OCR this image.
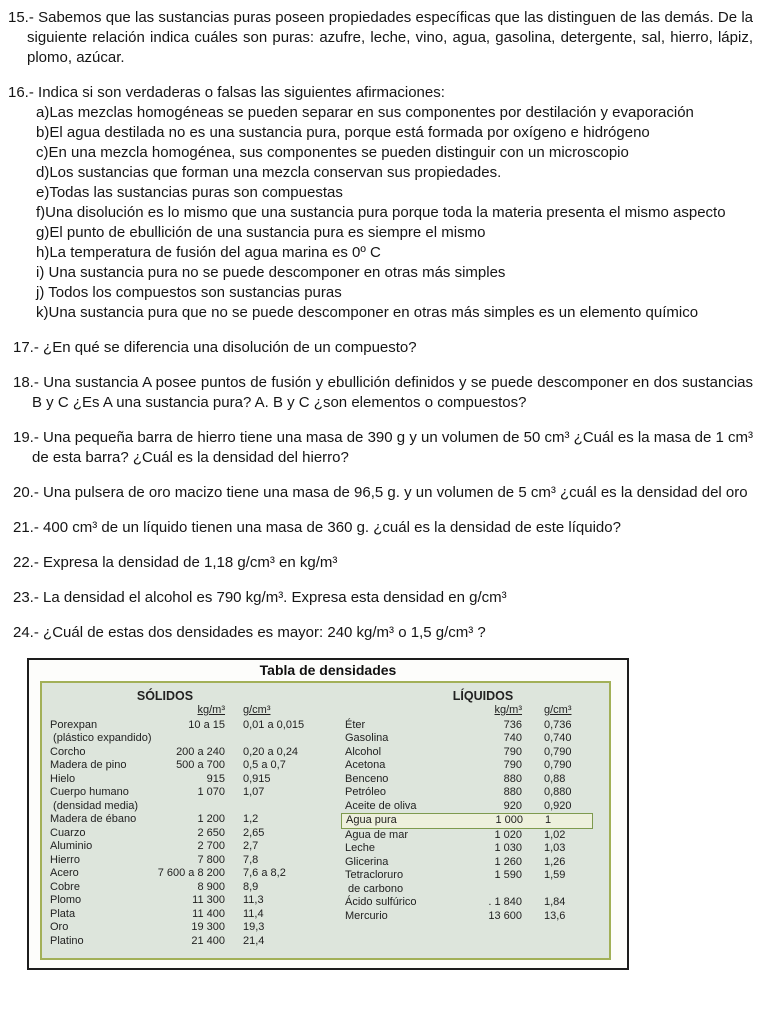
15.- Sabemos que las sustancias puras poseen propiedades específicas que las distinguen de las demás. De la siguiente relación indica cuáles son puras: azufre, leche, vino, agua, gasolina, detergente, sal, hierro, lápiz, plomo, azúcar.
16.- Indica si son verdaderas o falsas las siguientes afirmaciones:
a)Las mezclas homogéneas se pueden separar en sus componentes por destilación y evaporación
b)El agua destilada no es una sustancia pura, porque está formada por oxígeno e hidrógeno
c)En una mezcla homogénea, sus componentes se pueden distinguir con un microscopio
d)Los sustancias que forman una mezcla conservan sus propiedades.
e)Todas las sustancias puras son compuestas
f)Una disolución es lo mismo que una sustancia pura porque toda la materia presenta el mismo aspecto
g)El punto de ebullición de una sustancia pura es siempre el mismo
h)La temperatura de fusión del agua marina es 0º C
i) Una sustancia pura no se puede descomponer en otras más simples
j) Todos los compuestos son sustancias puras
k)Una sustancia pura que no se puede descomponer en otras más simples es un elemento químico
17.- ¿En qué se diferencia una disolución de un compuesto?
18.- Una sustancia A posee puntos de fusión y ebullición definidos y se puede descomponer en dos sustancias B y C ¿Es A una sustancia pura? A. B y C ¿son elementos o compuestos?
19.- Una pequeña barra de hierro tiene una masa de 390 g y un volumen de 50 cm³ ¿Cuál es la masa de 1 cm³ de esta barra? ¿Cuál es la densidad del hierro?
20.- Una pulsera de oro macizo tiene una masa de 96,5 g. y un volumen de 5 cm³ ¿cuál es la densidad del oro
21.- 400 cm³ de un líquido tienen una masa de 360 g. ¿cuál es la densidad de este líquido?
22.- Expresa la densidad de 1,18 g/cm³ en kg/m³
23.- La densidad el alcohol es 790 kg/m³. Expresa esta densidad en g/cm³
24.- ¿Cuál de estas dos densidades es mayor: 240 kg/m³ o 1,5 g/cm³ ?
Tabla de densidades
SÓLIDOS
kg/m³	g/cm³
Porexpan	10 a 15	0,01 a 0,015
(plástico expandido)
Corcho	200 a 240	0,20 a 0,24
Madera de pino	500 a 700	0,5 a 0,7
Hielo	915	0,915
Cuerpo humano	1 070	1,07
(densidad media)
Madera de ébano	1 200	1,2
Cuarzo	2 650	2,65
Aluminio	2 700	2,7
Hierro	7 800	7,8
Acero	7 600 a 8 200	7,6 a 8,2
Cobre	8 900	8,9
Plomo	11 300	11,3
Plata	11 400	11,4
Oro	19 300	19,3
Platino	21 400	21,4
LÍQUIDOS
kg/m³	g/cm³
Éter	736	0,736
Gasolina	740	0,740
Alcohol	790	0,790
Acetona	790	0,790
Benceno	880	0,88
Petróleo	880	0,880
Aceite de oliva	920	0,920
Agua pura	1 000	1
Agua de mar	1 020	1,02
Leche	1 030	1,03
Glicerina	1 260	1,26
Tetracloruro	1 590	1,59
de carbono
Ácido sulfúrico	. 1 840	1,84
Mercurio	13 600	13,6
